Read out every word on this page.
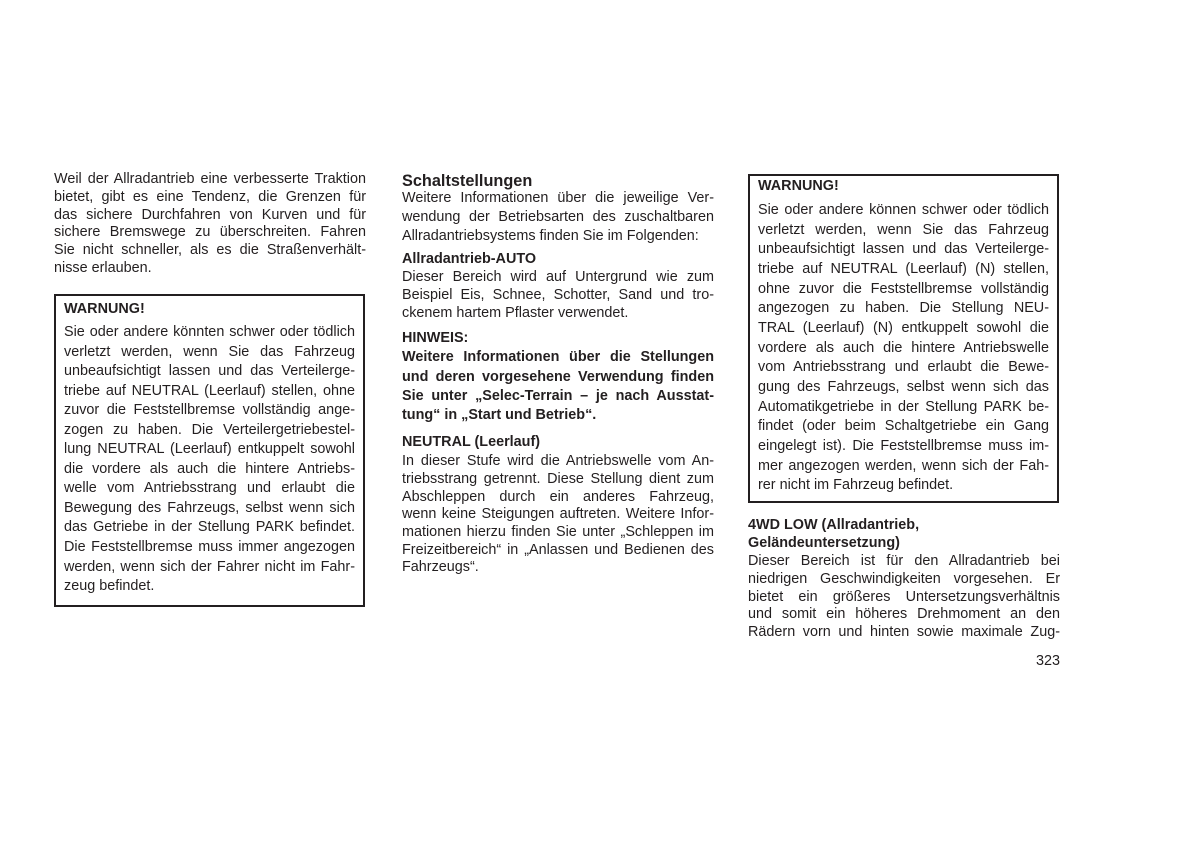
Weil der Allradantrieb eine verbesserte Traktion
bietet, gibt es eine Tendenz, die Grenzen für
das sichere Durchfahren von Kurven und für
sichere Bremswege zu überschreiten. Fahren
Sie nicht schneller, als es die Straßenverhält-
nisse erlauben.
WARNUNG!
Sie oder andere könnten schwer oder tödlich
verletzt werden, wenn Sie das Fahrzeug
unbeaufsichtigt lassen und das Verteilerge-
triebe auf NEUTRAL (Leerlauf) stellen, ohne
zuvor die Feststellbremse vollständig ange-
zogen zu haben. Die Verteilergetriebestel-
lung NEUTRAL (Leerlauf) entkuppelt sowohl
die vordere als auch die hintere Antriebs-
welle vom Antriebsstrang und erlaubt die
Bewegung des Fahrzeugs, selbst wenn sich
das Getriebe in der Stellung PARK befindet.
Die Feststellbremse muss immer angezogen
werden, wenn sich der Fahrer nicht im Fahr-
zeug befindet.
Schaltstellungen
Weitere Informationen über die jeweilige Ver-
wendung der Betriebsarten des zuschaltbaren
Allradantriebsystems finden Sie im Folgenden:
Allradantrieb-AUTO
Dieser Bereich wird auf Untergrund wie zum
Beispiel Eis, Schnee, Schotter, Sand und tro-
ckenem hartem Pflaster verwendet.
HINWEIS:
Weitere Informationen über die Stellungen
und deren vorgesehene Verwendung finden
Sie unter „Selec-Terrain – je nach Ausstat-
tung“ in „Start und Betrieb“.
NEUTRAL (Leerlauf)
In dieser Stufe wird die Antriebswelle vom An-
triebsstrang getrennt. Diese Stellung dient zum
Abschleppen durch ein anderes Fahrzeug,
wenn keine Steigungen auftreten. Weitere Infor-
mationen hierzu finden Sie unter „Schleppen im
Freizeitbereich“ in „Anlassen und Bedienen des
Fahrzeugs“.
WARNUNG!
Sie oder andere können schwer oder tödlich
verletzt werden, wenn Sie das Fahrzeug
unbeaufsichtigt lassen und das Verteilerge-
triebe auf NEUTRAL (Leerlauf) (N) stellen,
ohne zuvor die Feststellbremse vollständig
angezogen zu haben. Die Stellung NEU-
TRAL (Leerlauf) (N) entkuppelt sowohl die
vordere als auch die hintere Antriebswelle
vom Antriebsstrang und erlaubt die Bewe-
gung des Fahrzeugs, selbst wenn sich das
Automatikgetriebe in der Stellung PARK be-
findet (oder beim Schaltgetriebe ein Gang
eingelegt ist). Die Feststellbremse muss im-
mer angezogen werden, wenn sich der Fah-
rer nicht im Fahrzeug befindet.
4WD LOW (Allradantrieb,
Geländeuntersetzung)
Dieser Bereich ist für den Allradantrieb bei
niedrigen Geschwindigkeiten vorgesehen. Er
bietet ein größeres Untersetzungsverhältnis
und somit ein höheres Drehmoment an den
Rädern vorn und hinten sowie maximale Zug-
323
